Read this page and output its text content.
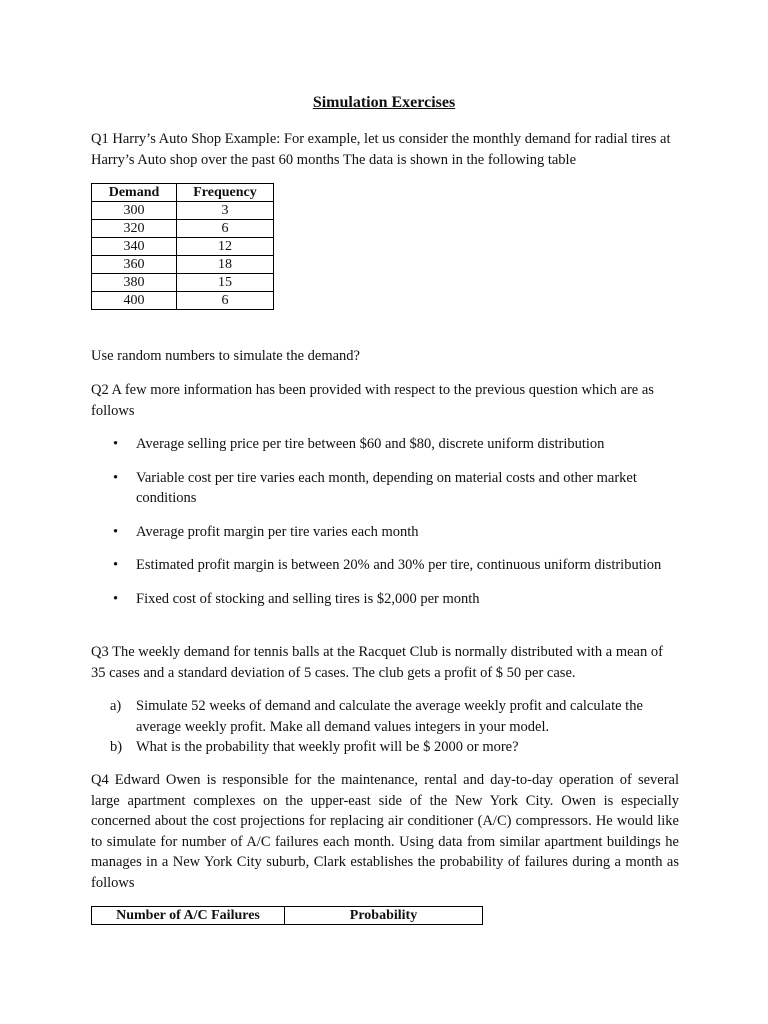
Simulation Exercises
Q1 Harry’s Auto Shop Example: For example, let us consider the monthly demand for radial tires at Harry’s Auto shop over the past 60 months The data is shown in the following table
Demand	Frequency
300	3
320	6
340	12
360	18
380	15
400	6
Use random numbers to simulate the demand?
Q2 A few more information has been provided with respect to the previous question which are as follows
• Average selling price per tire between $60 and $80, discrete uniform distribution
• Variable cost per tire varies each month, depending on material costs and other market conditions
• Average profit margin per tire varies each month
• Estimated profit margin is between 20% and 30% per tire, continuous uniform distribution
• Fixed cost of stocking and selling tires is $2,000 per month
Q3 The weekly demand for tennis balls at the Racquet Club is normally distributed with a mean of 35 cases and a standard deviation of 5 cases. The club gets a profit of $ 50 per case.
a) Simulate 52 weeks of demand and calculate the average weekly profit and calculate the average weekly profit. Make all demand values integers in your model.
b) What is the probability that weekly profit will be $ 2000 or more?
Q4 Edward Owen is responsible for the maintenance, rental and day-to-day operation of several large apartment complexes on the upper-east side of the New York City. Owen is especially concerned about the cost projections for replacing air conditioner (A/C) compressors. He would like to simulate for number of A/C failures each month. Using data from similar apartment buildings he manages in a New York City suburb, Clark establishes the probability of failures during a month as follows
Number of A/C Failures	Probability
